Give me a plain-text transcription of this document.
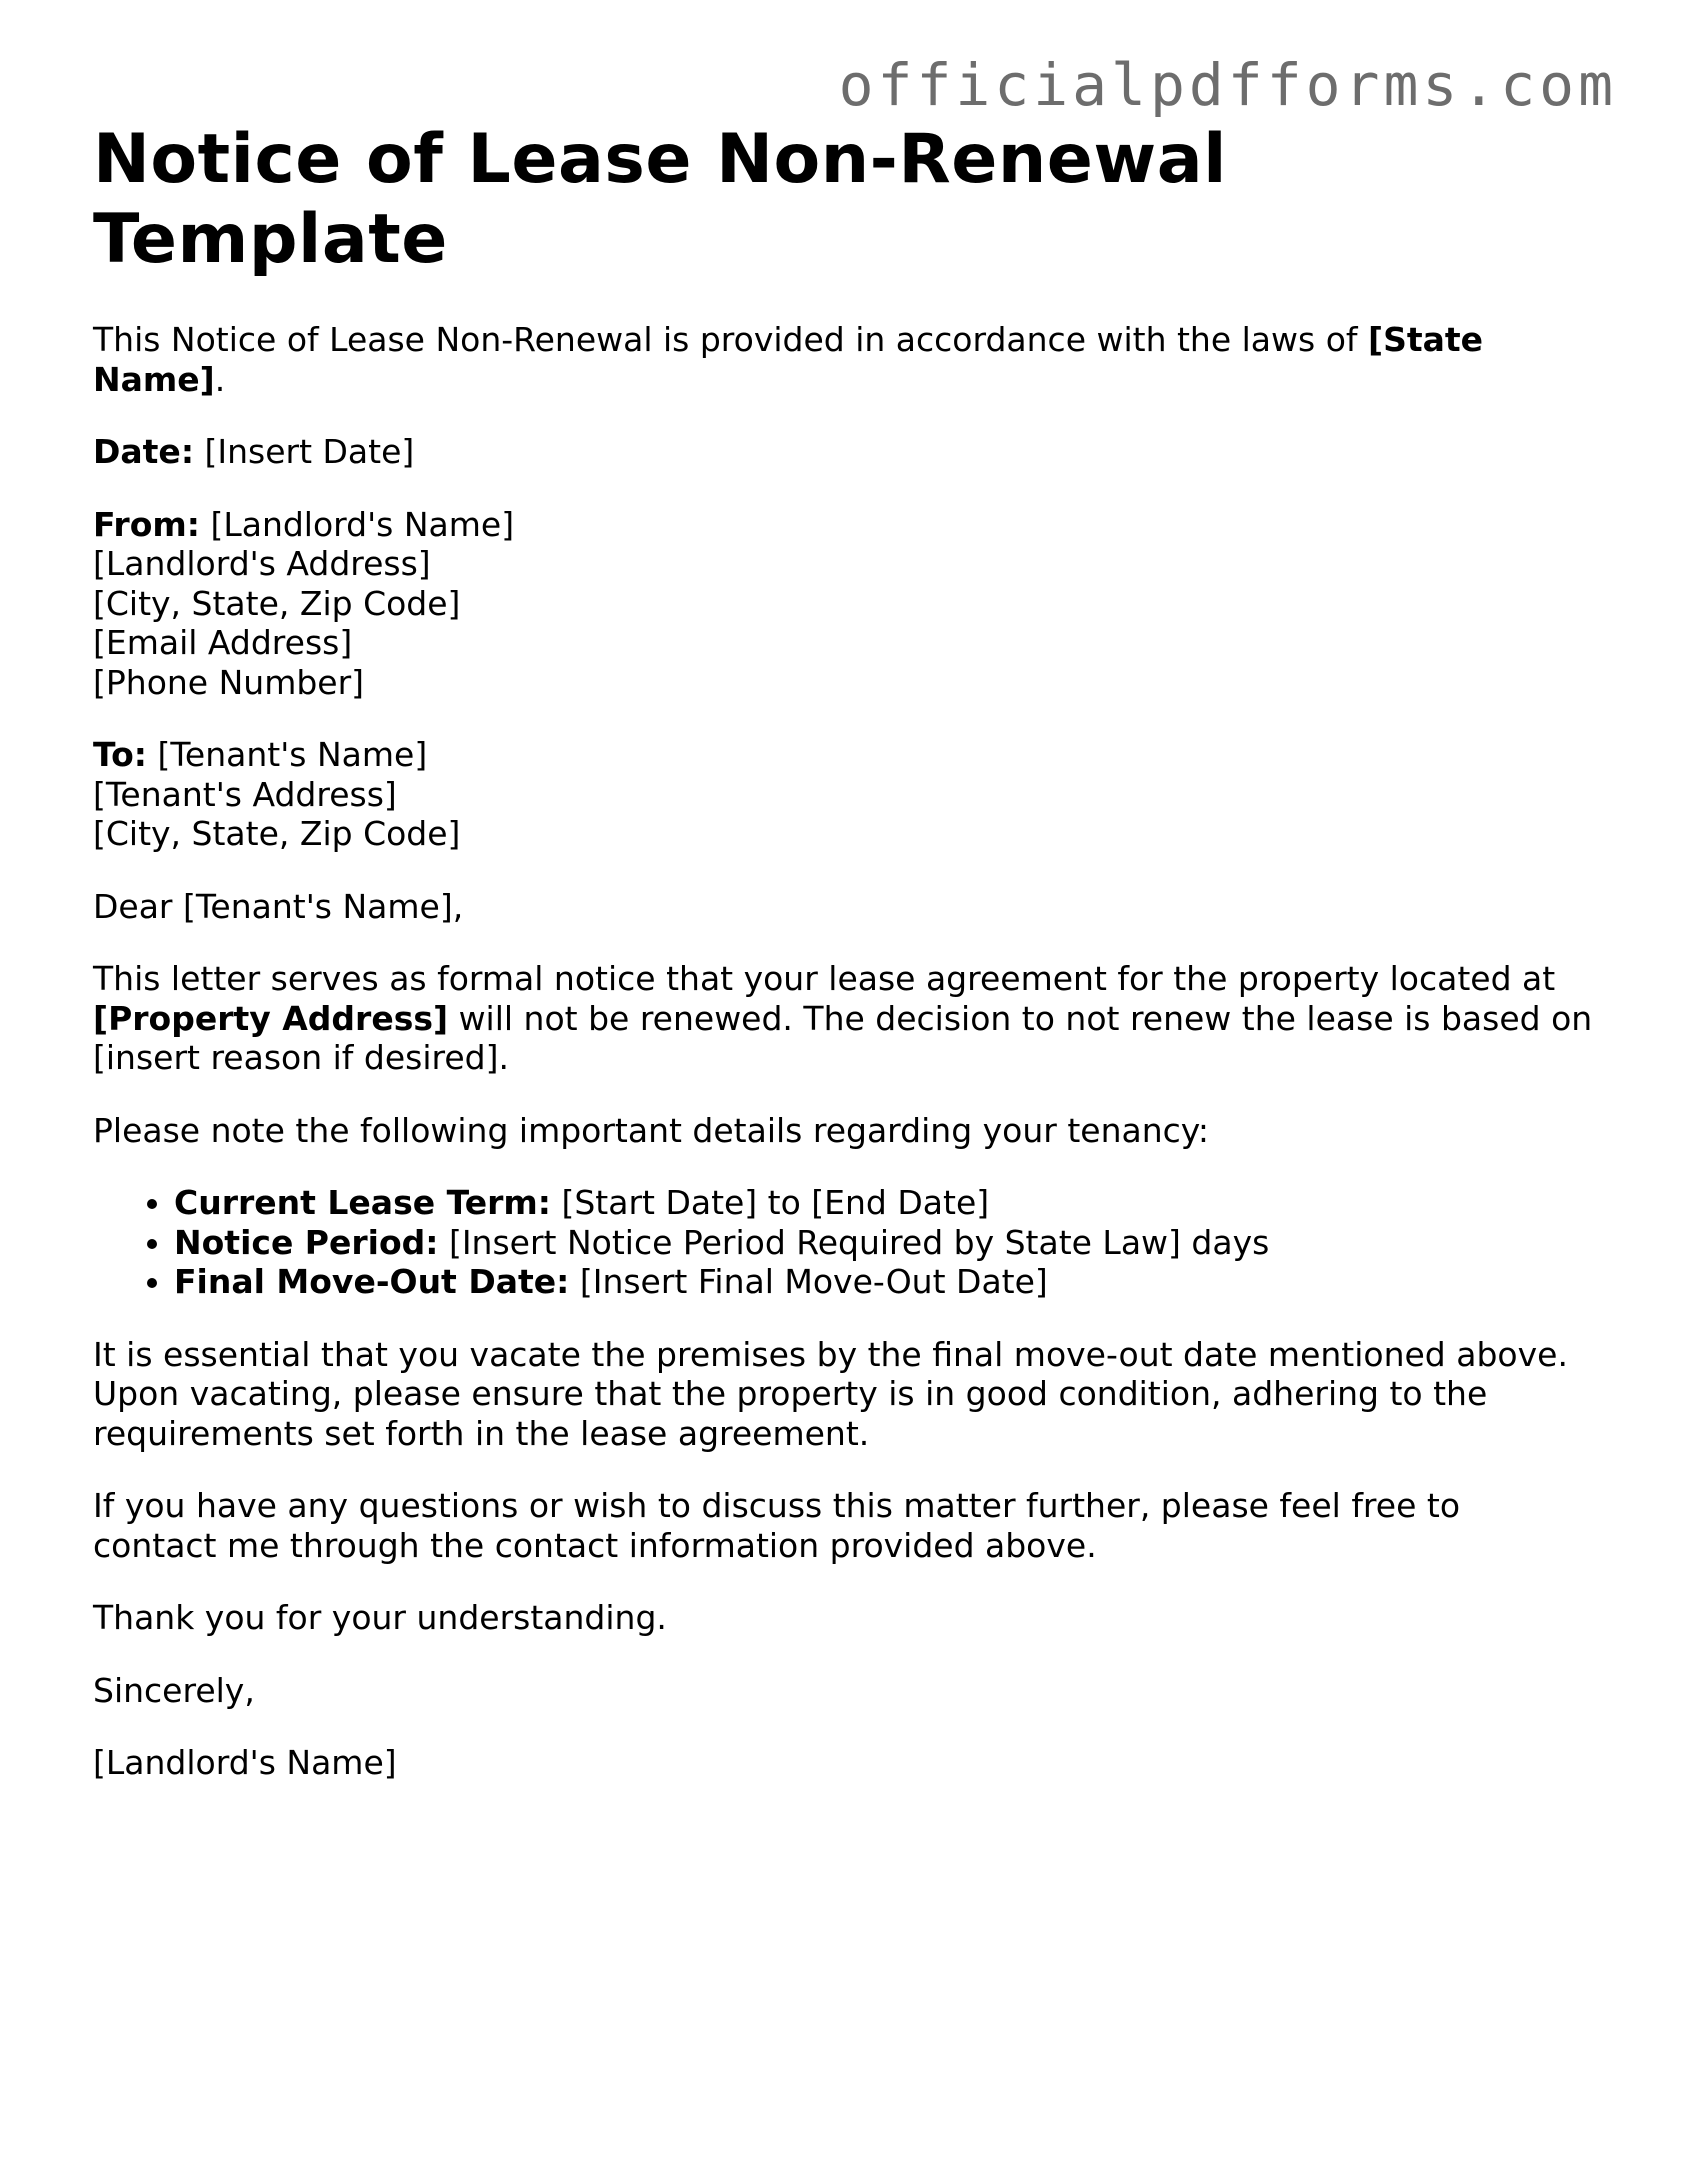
officialpdfforms.com
Notice of Lease Non-Renewal Template

This Notice of Lease Non-Renewal is provided in accordance with the laws of [State Name].

Date: [Insert Date]

From: [Landlord's Name]
[Landlord's Address]
[City, State, Zip Code]
[Email Address]
[Phone Number]

To: [Tenant's Name]
[Tenant's Address]
[City, State, Zip Code]

Dear [Tenant's Name],

This letter serves as formal notice that your lease agreement for the property located at [Property Address] will not be renewed. The decision to not renew the lease is based on [insert reason if desired].

Please note the following important details regarding your tenancy:

• Current Lease Term: [Start Date] to [End Date]
• Notice Period: [Insert Notice Period Required by State Law] days
• Final Move-Out Date: [Insert Final Move-Out Date]

It is essential that you vacate the premises by the final move-out date mentioned above. Upon vacating, please ensure that the property is in good condition, adhering to the requirements set forth in the lease agreement.

If you have any questions or wish to discuss this matter further, please feel free to contact me through the contact information provided above.

Thank you for your understanding.

Sincerely,

[Landlord's Name]
